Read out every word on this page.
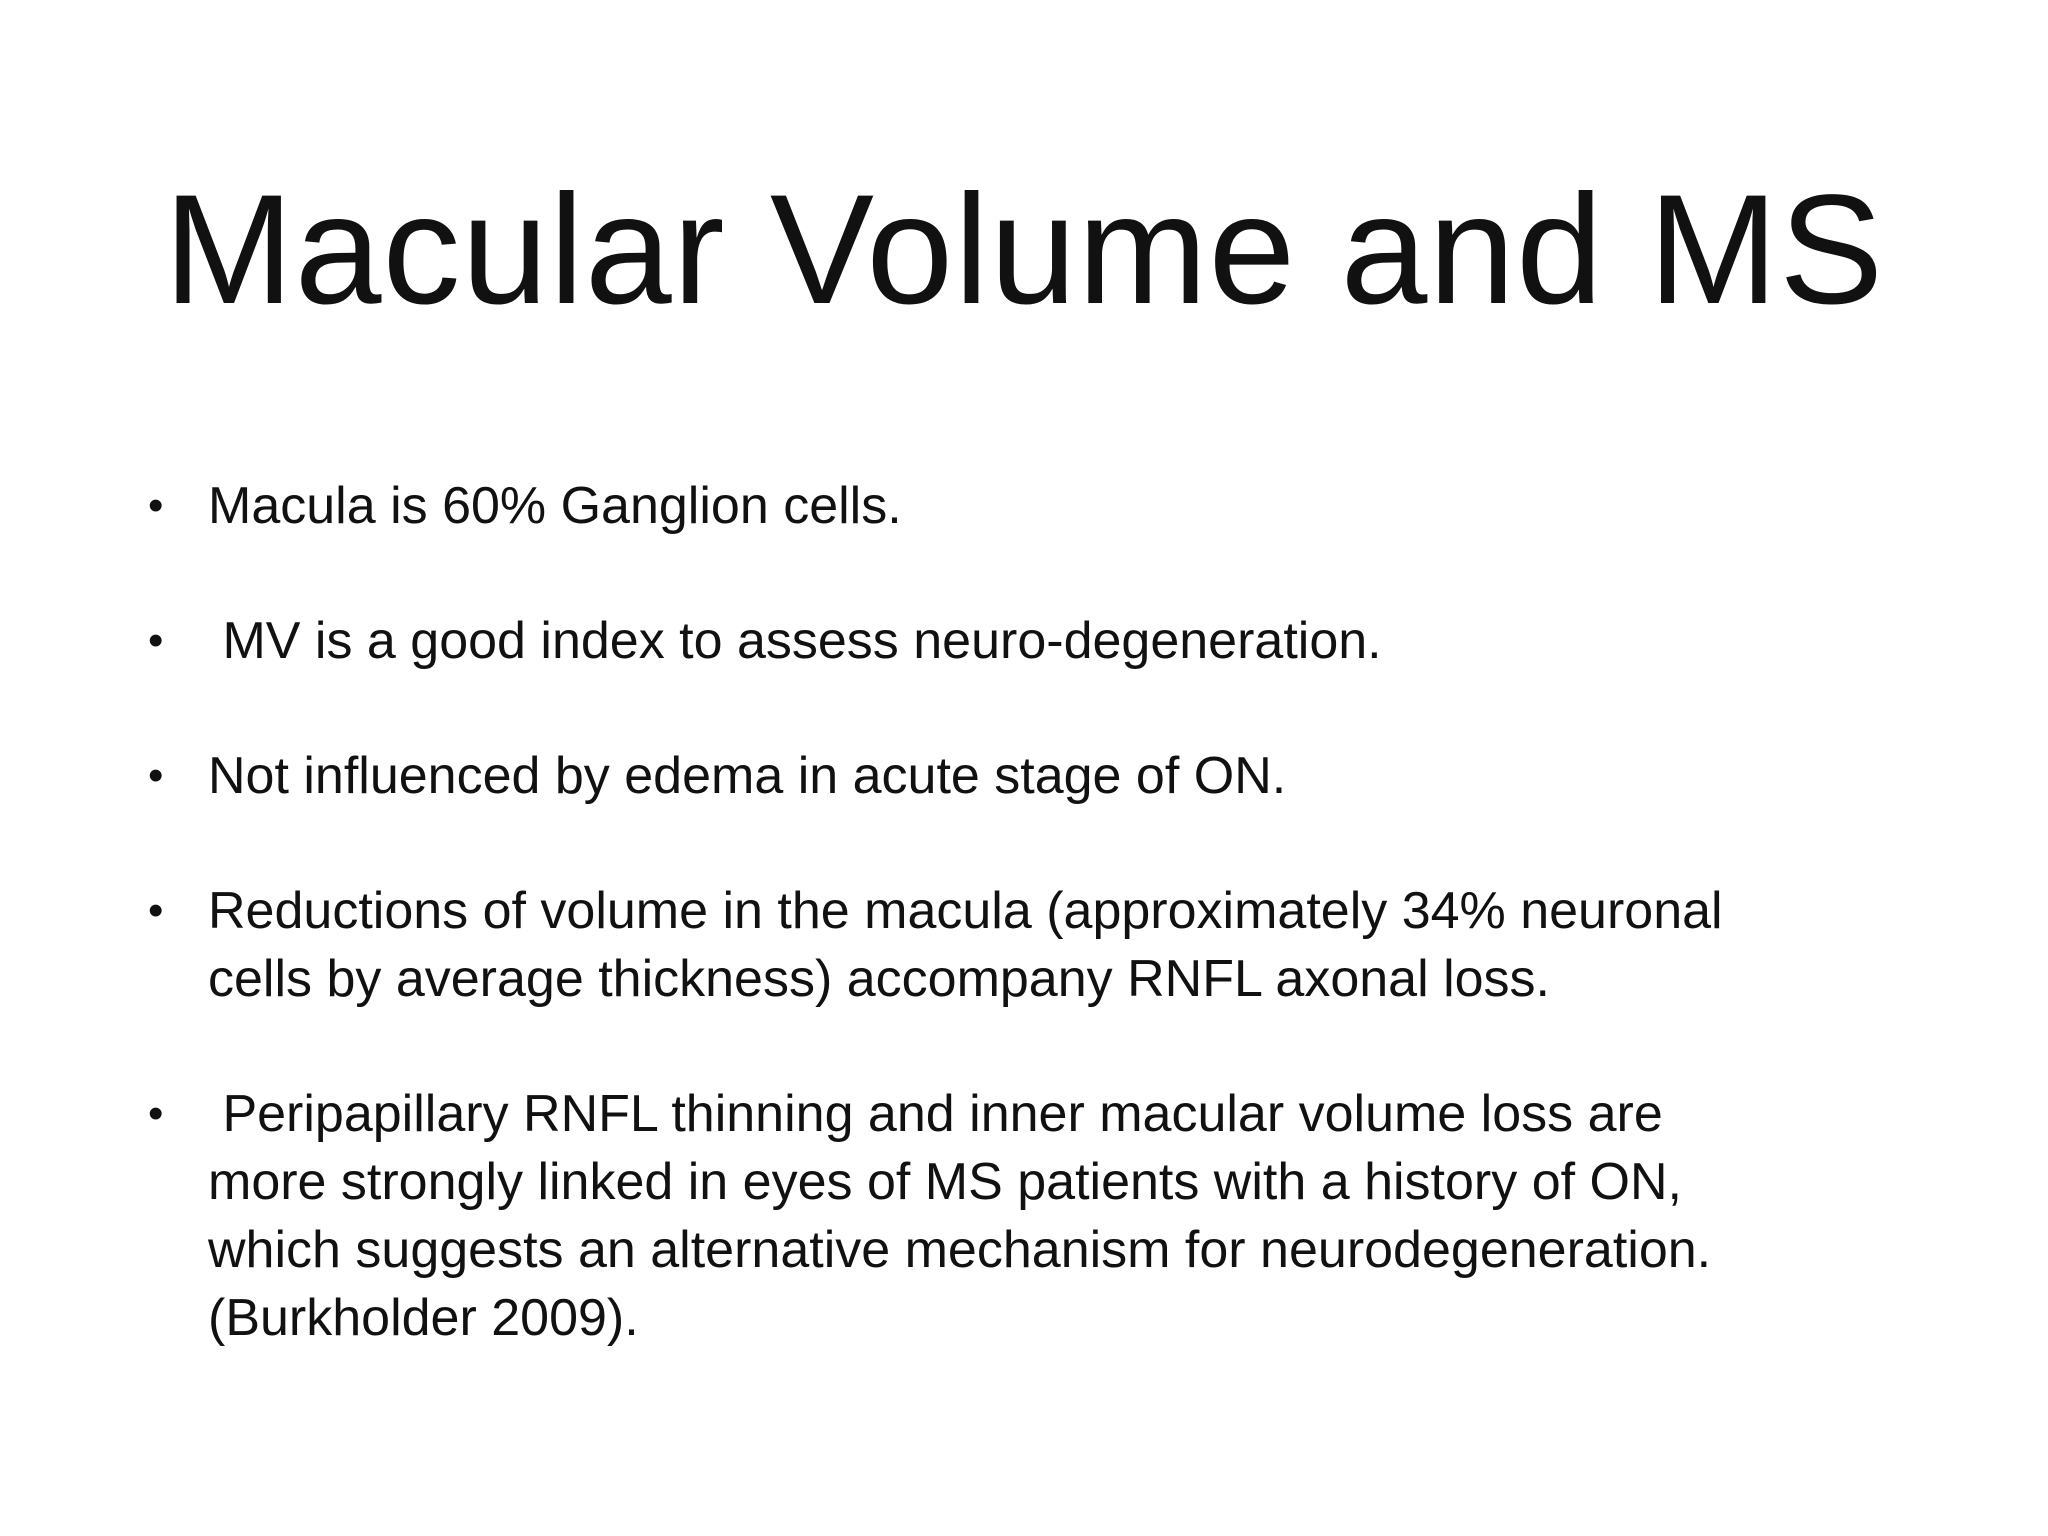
Macular Volume and MS
• Macula is 60% Ganglion cells.
• MV is a good index to assess neuro-degeneration.
• Not influenced by edema in acute stage of ON.
• Reductions of volume in the macula (approximately 34% neuronal
cells by average thickness) accompany RNFL axonal loss.
•	Peripapillary RNFL thinning and inner macular volume loss are
more strongly linked in eyes of MS patients with a history of ON,
which suggests an alternative mechanism for neurodegeneration.
(Burkholder 2009).
